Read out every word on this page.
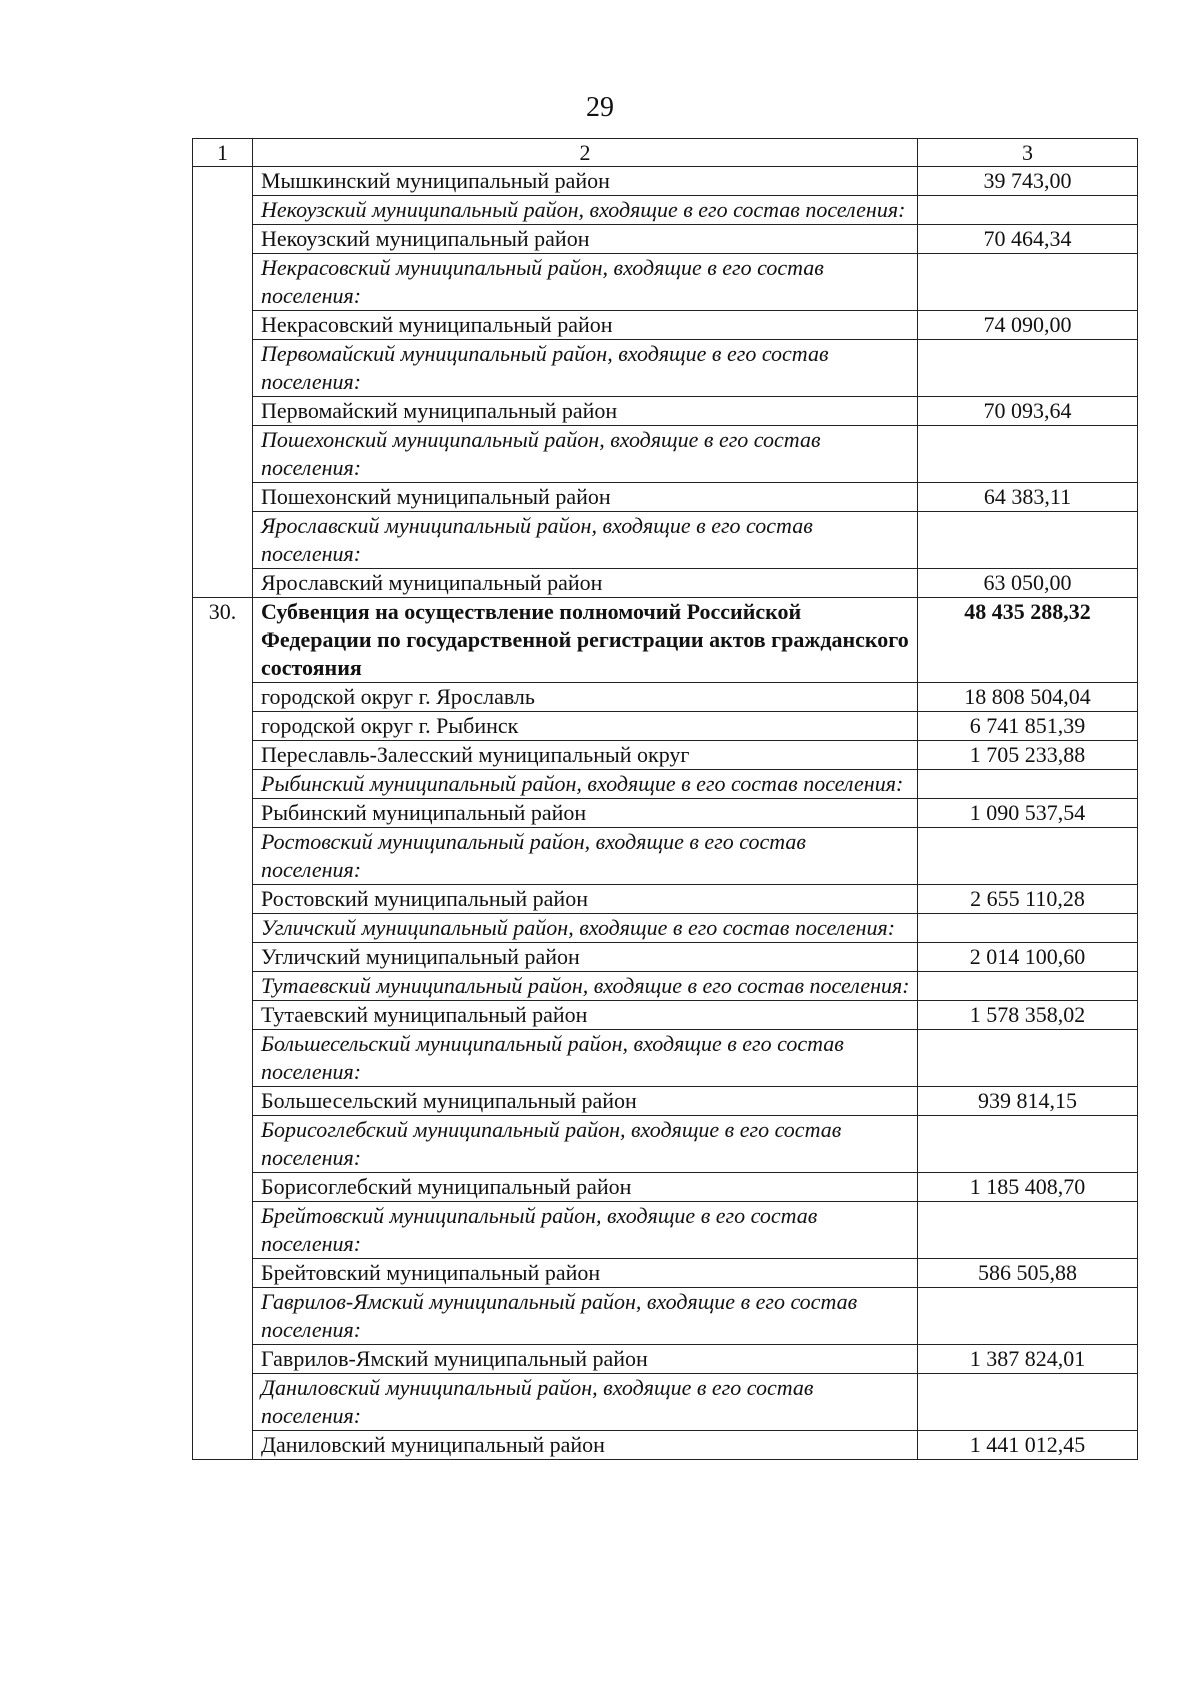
29
1	2	3
	Мышкинский муниципальный район	39 743,00
	Некоузский муниципальный район, входящие в его состав поселения:	
	Некоузский муниципальный район	70 464,34
	Некрасовский муниципальный район, входящие в его состав поселения:	
	Некрасовский муниципальный район	74 090,00
	Первомайский муниципальный район, входящие в его состав поселения:	
	Первомайский муниципальный район	70 093,64
	Пошехонский муниципальный район, входящие в его состав поселения:	
	Пошехонский муниципальный район	64 383,11
	Ярославский муниципальный район, входящие в его состав поселения:	
	Ярославский муниципальный район	63 050,00
30.	Субвенция на осуществление полномочий Российской Федерации по государственной регистрации актов гражданского состояния	48 435 288,32
	городской округ г. Ярославль	18 808 504,04
	городской округ г. Рыбинск	6 741 851,39
	Переславль-Залесский муниципальный округ	1 705 233,88
	Рыбинский муниципальный район, входящие в его состав поселения:	
	Рыбинский муниципальный район	1 090 537,54
	Ростовский муниципальный район, входящие в его состав поселения:	
	Ростовский муниципальный район	2 655 110,28
	Угличский муниципальный район, входящие в его состав поселения:	
	Угличский муниципальный район	2 014 100,60
	Тутаевский муниципальный район, входящие в его состав поселения:	
	Тутаевский муниципальный район	1 578 358,02
	Большесельский муниципальный район, входящие в его состав поселения:	
	Большесельский муниципальный район	939 814,15
	Борисоглебский муниципальный район, входящие в его состав поселения:	
	Борисоглебский муниципальный район	1 185 408,70
	Брейтовский муниципальный район, входящие в его состав поселения:	
	Брейтовский муниципальный район	586 505,88
	Гаврилов-Ямский муниципальный район, входящие в его состав поселения:	
	Гаврилов-Ямский муниципальный район	1 387 824,01
	Даниловский муниципальный район, входящие в его состав поселения:	
	Даниловский муниципальный район	1 441 012,45
